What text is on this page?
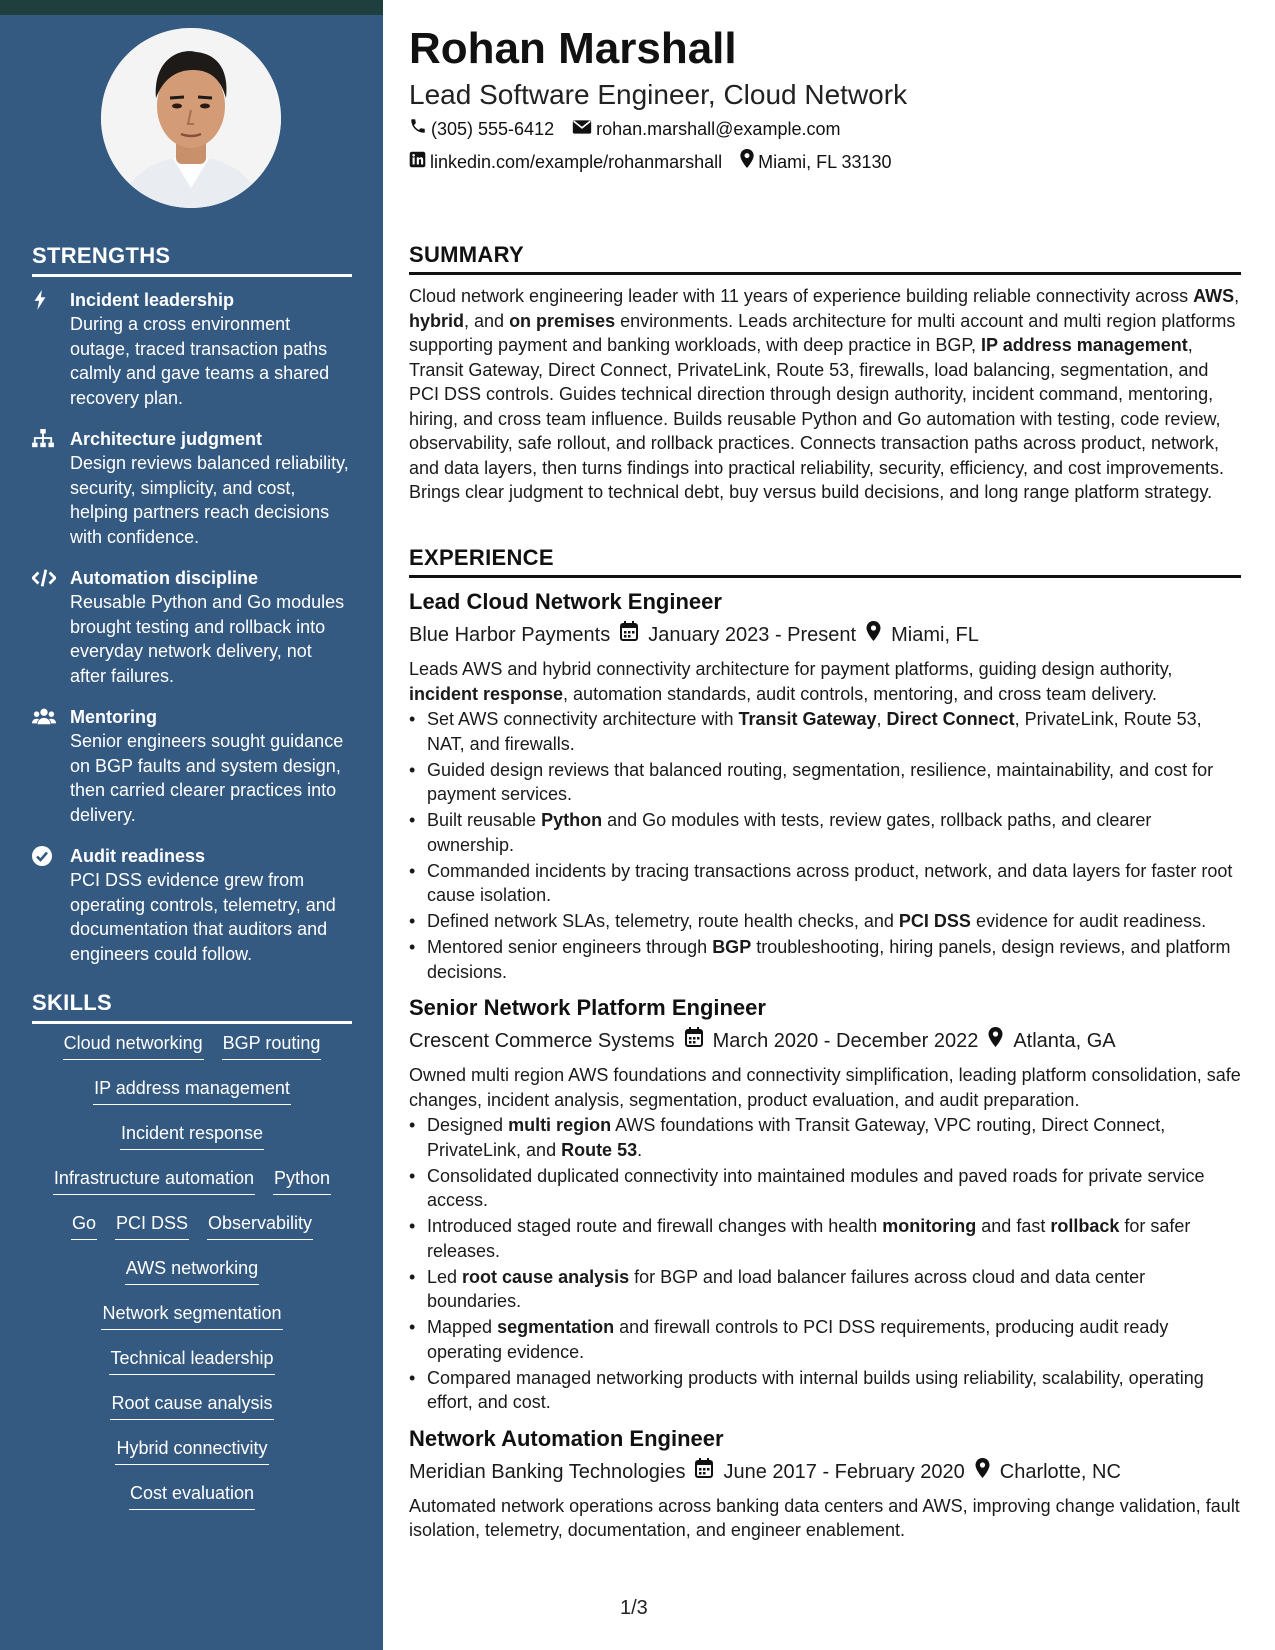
STRENGTHS
Incident leadership
During a cross environment outage, traced transaction paths calmly and gave teams a shared recovery plan.
Architecture judgment
Design reviews balanced reliability, security, simplicity, and cost, helping partners reach decisions with confidence.
Automation discipline
Reusable Python and Go modules brought testing and rollback into everyday network delivery, not after failures.
Mentoring
Senior engineers sought guidance on BGP faults and system design, then carried clearer practices into delivery.
Audit readiness
PCI DSS evidence grew from operating controls, telemetry, and documentation that auditors and engineers could follow.
SKILLS
Cloud networking BGP routing
IP address management
Incident response
Infrastructure automation Python
Go PCI DSS Observability
AWS networking
Network segmentation
Technical leadership
Root cause analysis
Hybrid connectivity
Cost evaluation
Rohan Marshall
Lead Software Engineer, Cloud Network
(305) 555-6412 rohan.marshall@example.com
linkedin.com/example/rohanmarshall Miami, FL 33130
SUMMARY
Cloud network engineering leader with 11 years of experience building reliable connectivity across AWS, hybrid, and on premises environments. Leads architecture for multi account and multi region platforms supporting payment and banking workloads, with deep practice in BGP, IP address management, Transit Gateway, Direct Connect, PrivateLink, Route 53, firewalls, load balancing, segmentation, and PCI DSS controls. Guides technical direction through design authority, incident command, mentoring, hiring, and cross team influence. Builds reusable Python and Go automation with testing, code review, observability, safe rollout, and rollback practices. Connects transaction paths across product, network, and data layers, then turns findings into practical reliability, security, efficiency, and cost improvements. Brings clear judgment to technical debt, buy versus build decisions, and long range platform strategy.
EXPERIENCE
Lead Cloud Network Engineer
Blue Harbor Payments January 2023 - Present Miami, FL
Leads AWS and hybrid connectivity architecture for payment platforms, guiding design authority, incident response, automation standards, audit controls, mentoring, and cross team delivery.
• Set AWS connectivity architecture with Transit Gateway, Direct Connect, PrivateLink, Route 53, NAT, and firewalls.
• Guided design reviews that balanced routing, segmentation, resilience, maintainability, and cost for payment services.
• Built reusable Python and Go modules with tests, review gates, rollback paths, and clearer ownership.
• Commanded incidents by tracing transactions across product, network, and data layers for faster root cause isolation.
• Defined network SLAs, telemetry, route health checks, and PCI DSS evidence for audit readiness.
• Mentored senior engineers through BGP troubleshooting, hiring panels, design reviews, and platform decisions.
Senior Network Platform Engineer
Crescent Commerce Systems March 2020 - December 2022 Atlanta, GA
Owned multi region AWS foundations and connectivity simplification, leading platform consolidation, safe changes, incident analysis, segmentation, product evaluation, and audit preparation.
• Designed multi region AWS foundations with Transit Gateway, VPC routing, Direct Connect, PrivateLink, and Route 53.
• Consolidated duplicated connectivity into maintained modules and paved roads for private service access.
• Introduced staged route and firewall changes with health monitoring and fast rollback for safer releases.
• Led root cause analysis for BGP and load balancer failures across cloud and data center boundaries.
• Mapped segmentation and firewall controls to PCI DSS requirements, producing audit ready operating evidence.
• Compared managed networking products with internal builds using reliability, scalability, operating effort, and cost.
Network Automation Engineer
Meridian Banking Technologies June 2017 - February 2020 Charlotte, NC
Automated network operations across banking data centers and AWS, improving change validation, fault isolation, telemetry, documentation, and engineer enablement.
1/3
